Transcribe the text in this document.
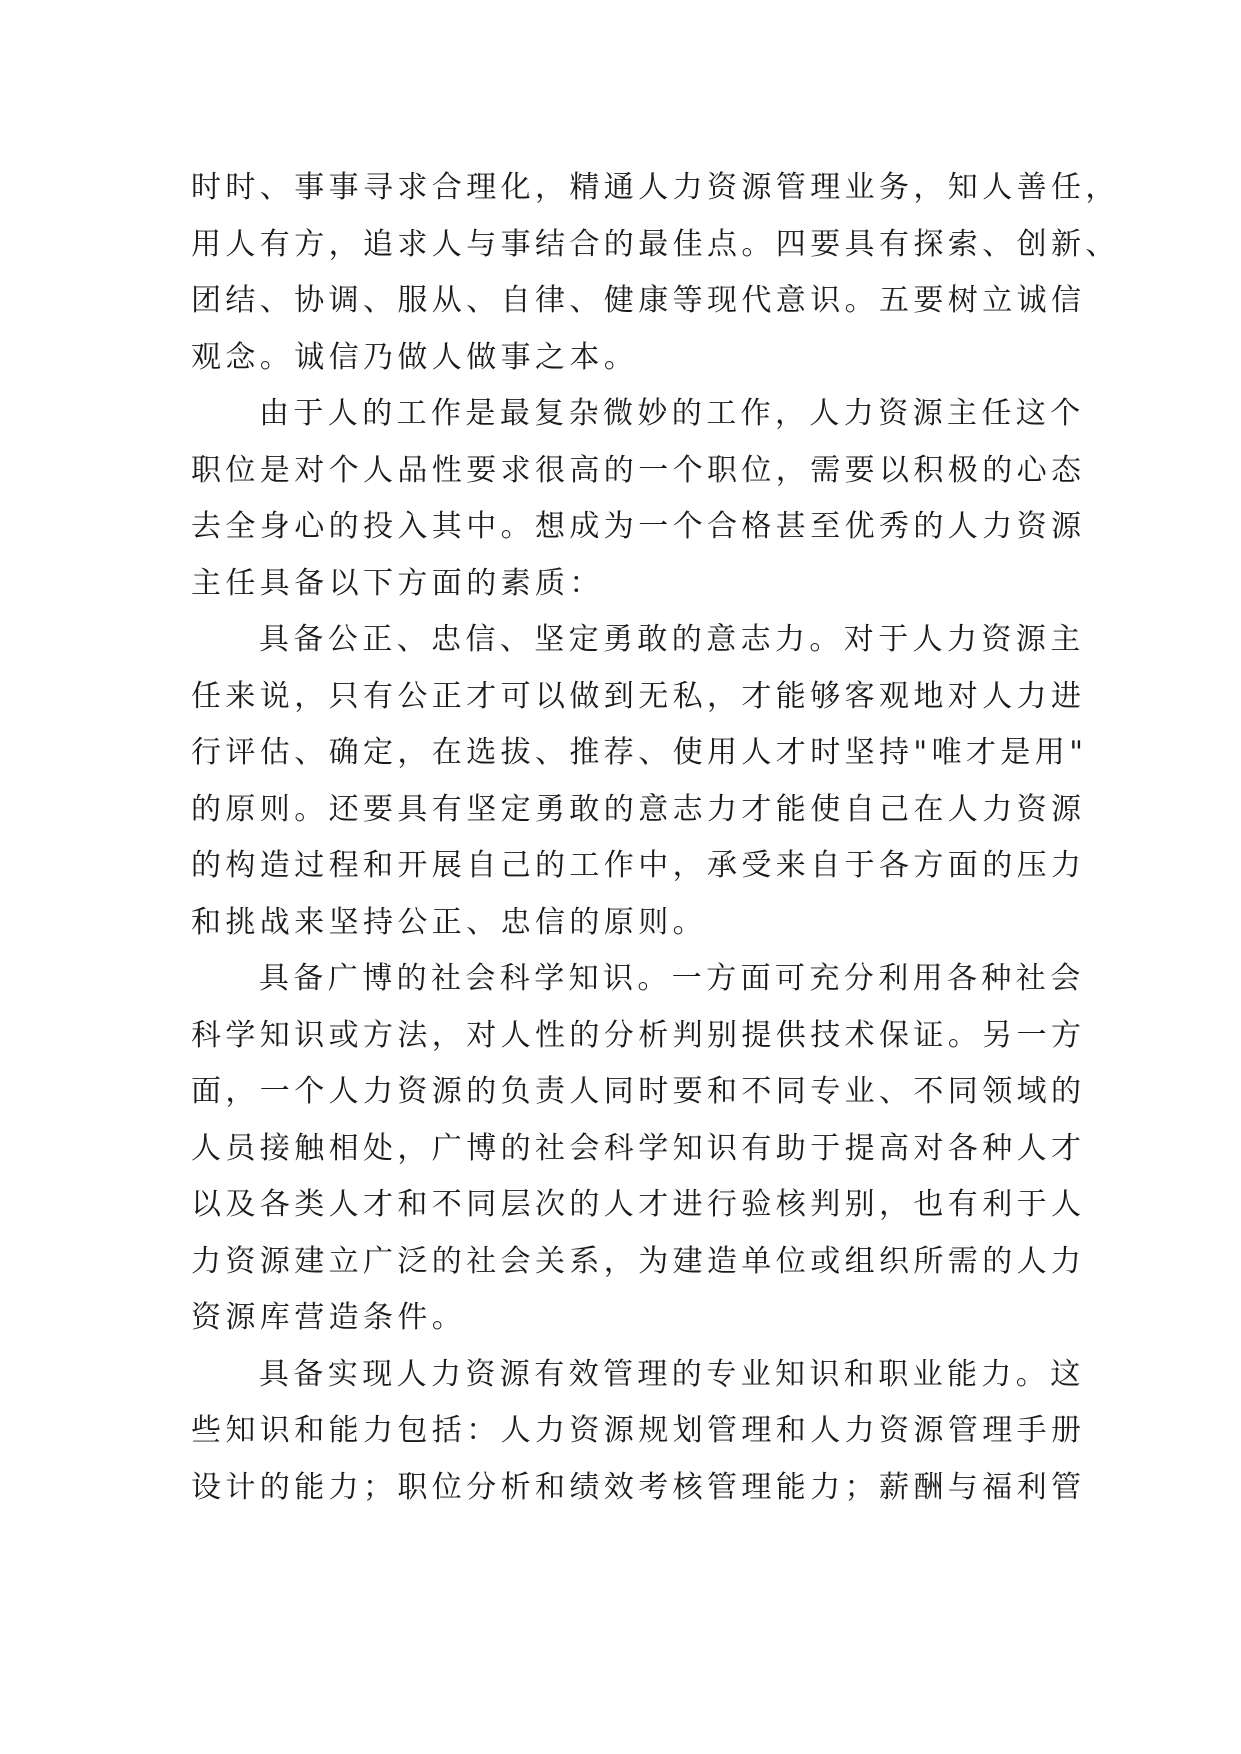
时时、事事寻求合理化，精通人力资源管理业务，知人善任，
用人有方，追求人与事结合的最佳点。四要具有探索、创新、
团结、协调、服从、自律、健康等现代意识。五要树立诚信
观念。诚信乃做人做事之本。
由于人的工作是最复杂微妙的工作，人力资源主任这个
职位是对个人品性要求很高的一个职位，需要以积极的心态
去全身心的投入其中。想成为一个合格甚至优秀的人力资源
主任具备以下方面的素质：
具备公正、忠信、坚定勇敢的意志力。对于人力资源主
任来说，只有公正才可以做到无私，才能够客观地对人力进
行评估、确定，在选拔、推荐、使用人才时坚持"唯才是用"
的原则。还要具有坚定勇敢的意志力才能使自己在人力资源
的构造过程和开展自己的工作中，承受来自于各方面的压力
和挑战来坚持公正、忠信的原则。
具备广博的社会科学知识。一方面可充分利用各种社会
科学知识或方法，对人性的分析判别提供技术保证。另一方
面，一个人力资源的负责人同时要和不同专业、不同领域的
人员接触相处，广博的社会科学知识有助于提高对各种人才
以及各类人才和不同层次的人才进行验核判别，也有利于人
力资源建立广泛的社会关系，为建造单位或组织所需的人力
资源库营造条件。
具备实现人力资源有效管理的专业知识和职业能力。这
些知识和能力包括：人力资源规划管理和人力资源管理手册
设计的能力；职位分析和绩效考核管理能力；薪酬与福利管
